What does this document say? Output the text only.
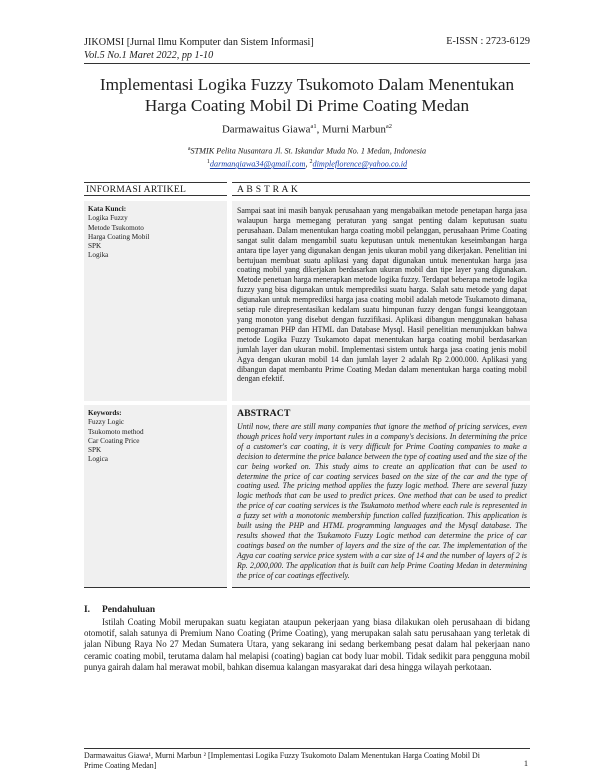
JIKOMSI [Jurnal Ilmu Komputer dan Sistem Informasi]
Vol.5 No.1 Maret 2022, pp 1-10
E-ISSN : 2723-6129
Implementasi Logika Fuzzy Tsukomoto Dalam Menentukan
Harga Coating Mobil Di Prime Coating Medan
Darmawaitus Giawa$^{a1}$, Murni Marbun$^{a2}$
$^a$STMIK Pelita Nusantara Jl. St. Iskandar Muda No. 1 Medan, Indonesia
$^1$darmangiawa34@gmail.com, $^2$dimpleflorence@yahoo.co.id
INFORMASI ARTIKEL	A B S T R A K
Kata Kunci:
Logika Fuzzy
Metode Tsukomoto
Harga Coating Mobil
SPK
Logika
Sampai saat ini masih banyak perusahaan yang mengabaikan metode penetapan harga jasa walaupun harga memegang peraturan yang sangat penting dalam keputusan suatu perusahaan. Dalam menentukan harga coating mobil pelanggan, perusahaan Prime Coating sangat sulit dalam mengambil suatu keputusan untuk menentukan keseimbangan harga antara tipe layer yang digunakan dengan jenis ukuran mobil yang dikerjakan. Penelitian ini bertujuan membuat suatu aplikasi yang dapat digunakan untuk menentukan harga jasa coating mobil yang dikerjakan berdasarkan ukuran mobil dan tipe layer yang digunakan. Metode penetuan harga menerapkan metode logika fuzzy. Terdapat beberapa metode logika fuzzy yang bisa digunakan untuk memprediksi suatu harga. Salah satu metode yang dapat digunakan untuk memprediksi harga jasa coating mobil adalah metode Tsukamoto dimana, setiap rule direpresentasikan kedalam suatu himpunan fuzzy dengan fungsi keanggotaan yang monoton yang disebut dengan fuzzifikasi. Aplikasi dibangun menggunakan bahasa pemograman PHP dan HTML dan Database Mysql. Hasil penelitian menunjukkan bahwa metode Logika Fuzzy Tsukamoto dapat menentukan harga coating mobil berdasarkan jumlah layer dan ukuran mobil. Implementasi sistem untuk harga jasa coating jenis mobil Agya dengan ukuran mobil 14 dan jumlah layer 2 adalah Rp 2.000.000. Aplikasi yang dibangun dapat membantu Prime Coating Medan dalam menentukan harga coating mobil dengan efektif.
Keywords:
Fuzzy Logic
Tsukomoto method
Car Coating Price
SPK
Logica
ABSTRACT
Until now, there are still many companies that ignore the method of pricing services, even though prices hold very important rules in a company's decisions. In determining the price of a customer's car coating, it is very difficult for Prime Coating companies to make a decision to determine the price balance between the type of coating used and the size of the car being worked on. This study aims to create an application that can be used to determine the price of car coating services based on the size of the car and the type of coating used. The pricing method applies the fuzzy logic method. There are several fuzzy logic methods that can be used to predict prices. One method that can be used to predict the price of car coating services is the Tsukamoto method where each rule is represented in a fuzzy set with a monotonic membership function called fuzzification. This application is built using the PHP and HTML programming languages and the Mysql database. The results showed that the Tsukamoto Fuzzy Logic method can determine the price of car coatings based on the number of layers and the size of the car. The implementation of the Agya car coating service price system with a car size of 14 and the number of layers of 2 is Rp. 2,000,000. The application that is built can help Prime Coating Medan in determining the price of car coatings effectively.
I. Pendahuluan
Istilah Coating Mobil merupakan suatu kegiatan ataupun pekerjaan yang biasa dilakukan oleh perusahaan di bidang otomotif, salah satunya di Premium Nano Coating (Prime Coating), yang merupakan salah satu perusahaan yang terletak di jalan Nibung Raya No 27 Medan Sumatera Utara, yang sekarang ini sedang berkembang pesat dalam hal pekerjaan nano ceramic coating mobil, terutama dalam hal melapisi (coating) bagian cat body luar mobil. Tidak sedikit para pengguna mobil punya gairah dalam hal merawat mobil, bahkan disemua kalangan masyarakat dari desa hingga wilayah perkotaan.
Darmawaitus Giawa¹, Murni Marbun ² [Implementasi Logika Fuzzy Tsukomoto Dalam Menentukan Harga Coating Mobil Di Prime Coating Medan]	1
